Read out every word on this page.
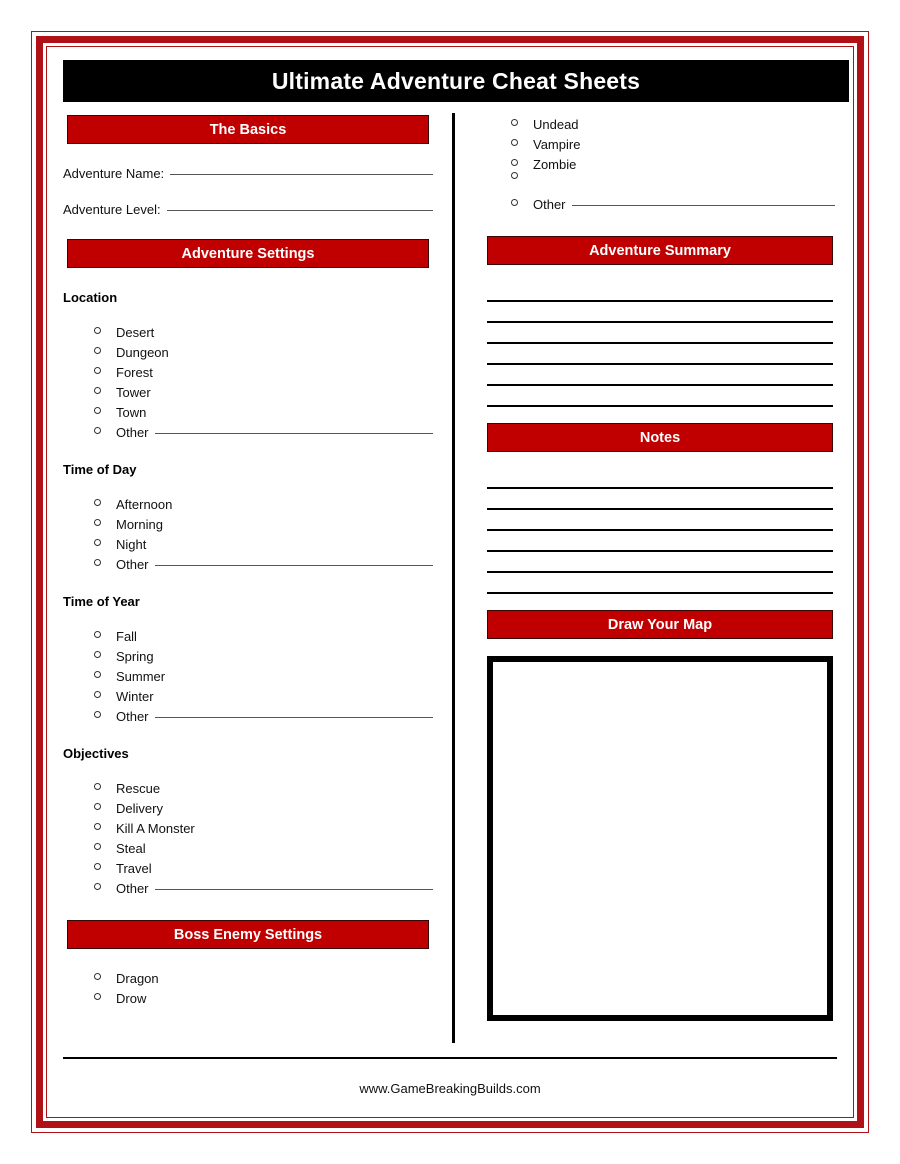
Ultimate Adventure Cheat Sheets
The Basics
Adventure Name:
Adventure Level:
Adventure Settings
Location
Desert
Dungeon
Forest
Tower
Town
Other
Time of Day
Afternoon
Morning
Night
Other
Time of Year
Fall
Spring
Summer
Winter
Other
Objectives
Rescue
Delivery
Kill A Monster
Steal
Travel
Other
Boss Enemy Settings
Dragon
Drow
Undead
Vampire
Zombie
Other
Adventure Summary
Notes
Draw Your Map
www.GameBreakingBuilds.com
